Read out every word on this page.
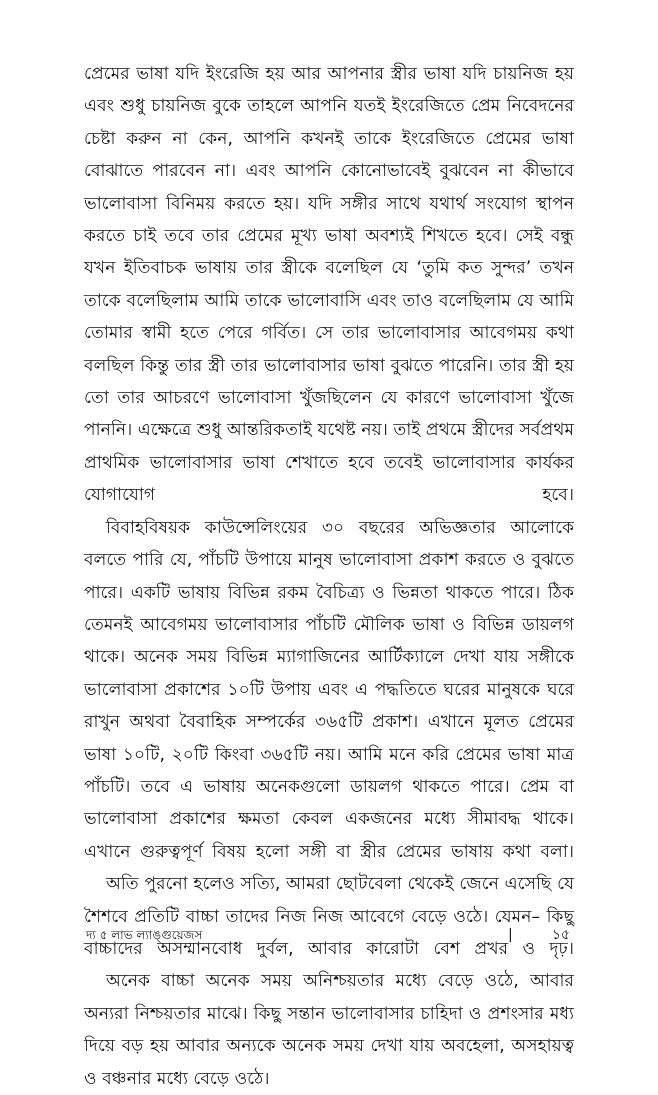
প্রেমের ভাষা যদি ইংরেজি হয় আর আপনার স্ত্রীর ভাষা যদি চায়নিজ হয় এবং শুধু চায়নিজ বুকে তাহলে আপনি যতই ইংরেজিতে প্রেম নিবেদনের চেষ্টা করুন না কেন, আপনি কখনই তাকে ইংরেজিতে প্রেমের ভাষা বোঝাতে পারবেন না। এবং আপনি কোনোভাবেই বুঝবেন না কীভাবে ভালোবাসা বিনিময় করতে হয়। যদি সঙ্গীর সাথে যথার্থ সংযোগ স্থাপন করতে চাই তবে তার প্রেমের মূখ্য ভাষা অবশ্যই শিখতে হবে। সেই বন্ধু যখন ইতিবাচক ভাষায় তার স্ত্রীকে বলেছিল যে ‘তুমি কত সুন্দর’ তখন তাকে বলেছিলাম আমি তাকে ভালোবাসি এবং তাও বলেছিলাম যে আমি তোমার স্বামী হতে পেরে গর্বিত। সে তার ভালোবাসার আবেগময় কথা বলছিল কিন্তু তার স্ত্রী তার ভালোবাসার ভাষা বুঝতে পারেনি। তার স্ত্রী হয় তো তার আচরণে ভালোবাসা খুঁজছিলেন যে কারণে ভালোবাসা খুঁজে পাননি। এক্ষেত্রে শুধু আন্তরিকতাই যথেষ্ট নয়। তাই প্রথমে স্ত্রীদের সর্বপ্রথম প্রাথমিক ভালোবাসার ভাষা শেখাতে হবে তবেই ভালোবাসার কার্যকর যোগাযোগ হবে।

বিবাহবিষয়ক কাউন্সেলিংয়ের ৩০ বছরের অভিজ্ঞতার আলোকে বলতে পারি যে, পাঁচটি উপায়ে মানুষ ভালোবাসা প্রকাশ করতে ও বুঝতে পারে। একটি ভাষায় বিভিন্ন রকম বৈচিত্র্য ও ভিন্নতা থাকতে পারে। ঠিক তেমনই আবেগময় ভালোবাসার পাঁচটি মৌলিক ভাষা ও বিভিন্ন ডায়লগ থাকে। অনেক সময় বিভিন্ন ম্যাগাজিনের আর্টিক্যালে দেখা যায় সঙ্গীকে ভালোবাসা প্রকাশের ১০টি উপায় এবং এ পদ্ধতিতে ঘরের মানুষকে ঘরে রাখুন অথবা বৈবাহিক সম্পর্কের ৩৬৫টি প্রকাশ। এখানে মূলত প্রেমের ভাষা ১০টি, ২০টি কিংবা ৩৬৫টি নয়। আমি মনে করি প্রেমের ভাষা মাত্র পাঁচটি। তবে এ ভাষায় অনেকগুলো ডায়লগ থাকতে পারে। প্রেম বা ভালোবাসা প্রকাশের ক্ষমতা কেবল একজনের মধ্যে সীমাবদ্ধ থাকে। এখানে গুরুত্বপূর্ণ বিষয় হলো সঙ্গী বা স্ত্রীর প্রেমের ভাষায় কথা বলা।

অতি পুরনো হলেও সত্যি, আমরা ছোটবেলা থেকেই জেনে এসেছি যে শৈশবে প্রতিটি বাচ্চা তাদের নিজ নিজ আবেগে বেড়ে ওঠে। যেমন– কিছু বাচ্চাদের অসম্মানবোধ দুর্বল, আবার কারোটা বেশ প্রখর ও দৃঢ়।

অনেক বাচ্চা অনেক সময় অনিশ্চয়তার মধ্যে বেড়ে ওঠে, আবার অন্যরা নিশ্চয়তার মাঝে। কিছু সন্তান ভালোবাসার চাহিদা ও প্রশংসার মধ্য দিয়ে বড় হয় আবার অন্যকে অনেক সময় দেখা যায় অবহেলা, অসহায়ত্ব ও বঞ্চনার মধ্যে বেড়ে ওঠে।

দ্য ৫ লাভ ল্যাঙ্গুয়েজস	|	১৫
